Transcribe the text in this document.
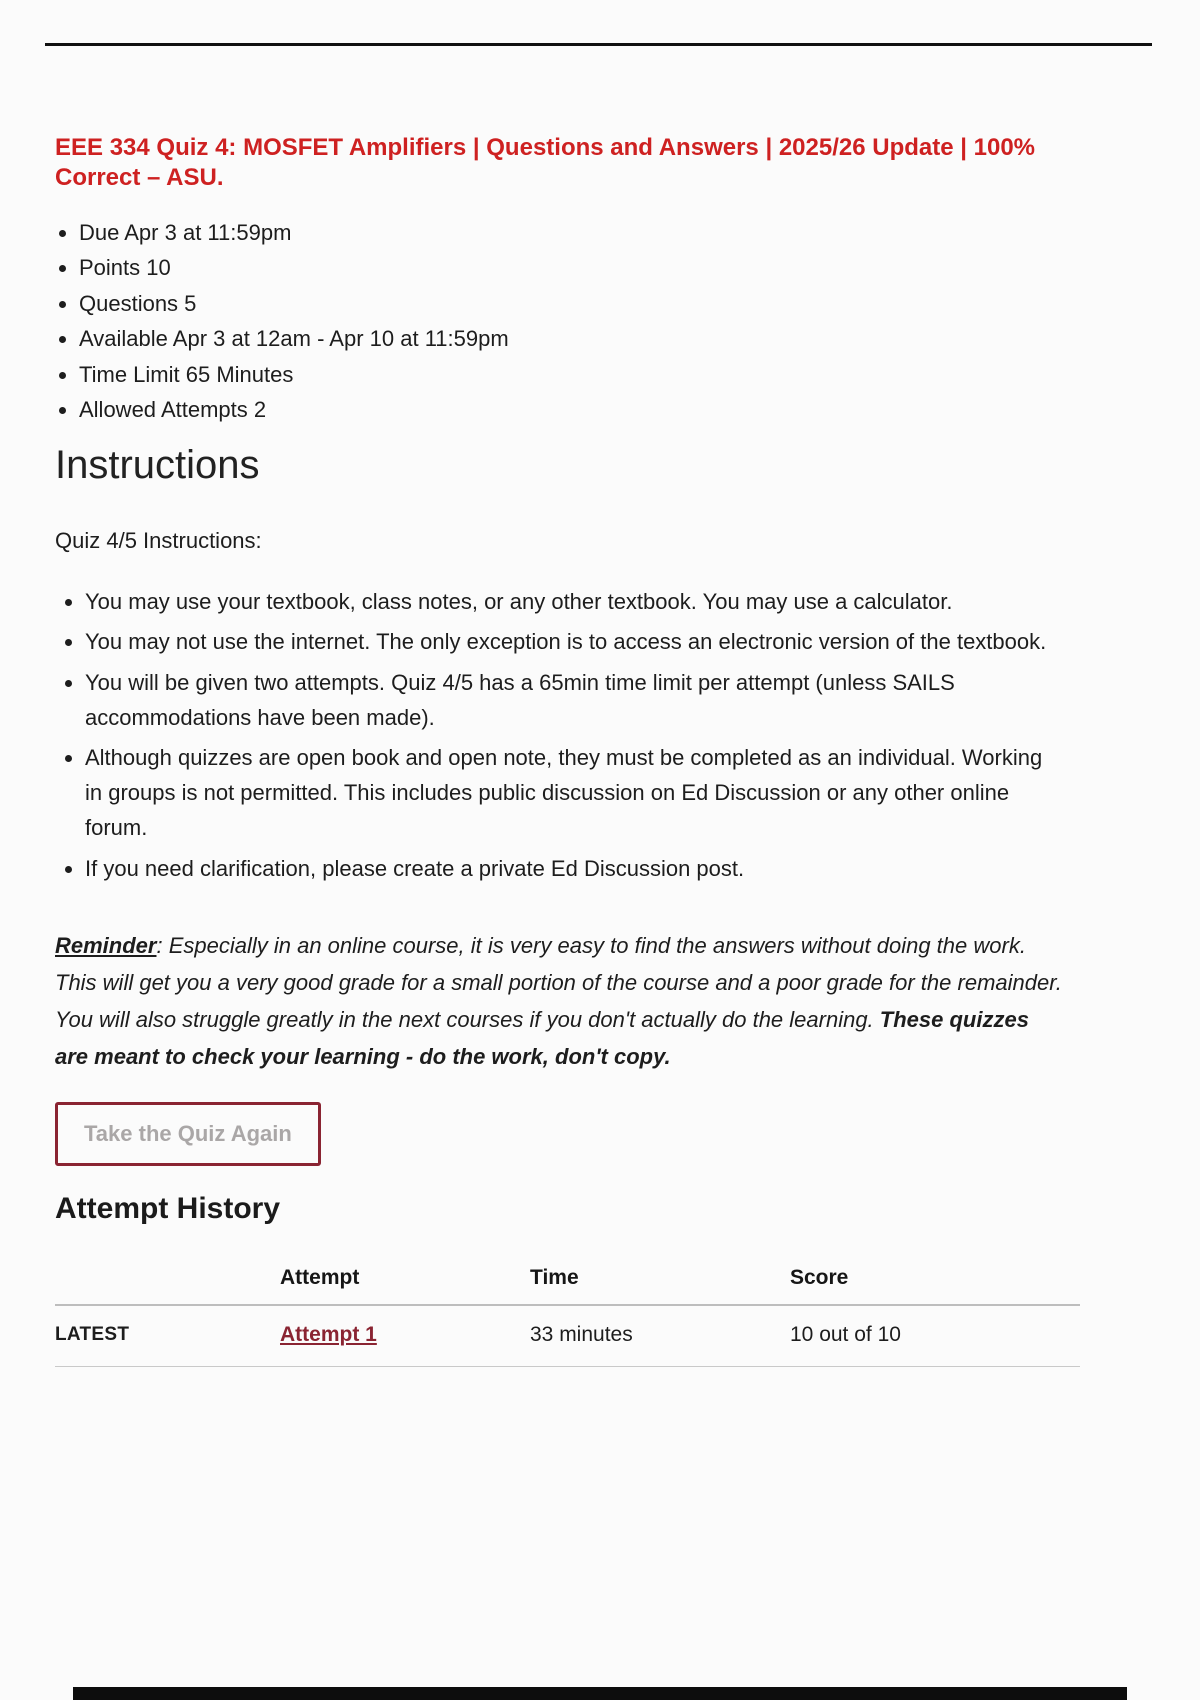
EEE 334 Quiz 4: MOSFET Amplifiers | Questions and Answers | 2025/26 Update | 100% Correct – ASU.
• Due Apr 3 at 11:59pm
• Points 10
• Questions 5
• Available Apr 3 at 12am - Apr 10 at 11:59pm
• Time Limit 65 Minutes
• Allowed Attempts 2
Instructions

Quiz 4/5 Instructions:

• You may use your textbook, class notes, or any other textbook. You may use a calculator.
• You may not use the internet. The only exception is to access an electronic version of the textbook.
• You will be given two attempts. Quiz 4/5 has a 65min time limit per attempt (unless SAILS accommodations have been made).
• Although quizzes are open book and open note, they must be completed as an individual. Working in groups is not permitted. This includes public discussion on Ed Discussion or any other online forum.
• If you need clarification, please create a private Ed Discussion post.

Reminder: Especially in an online course, it is very easy to find the answers without doing the work. This will get you a very good grade for a small portion of the course and a poor grade for the remainder. You will also struggle greatly in the next courses if you don't actually do the learning. These quizzes are meant to check your learning - do the work, don't copy.

Take the Quiz Again
Attempt History
	Attempt	Time	Score
LATEST	Attempt 1	33 minutes	10 out of 10
